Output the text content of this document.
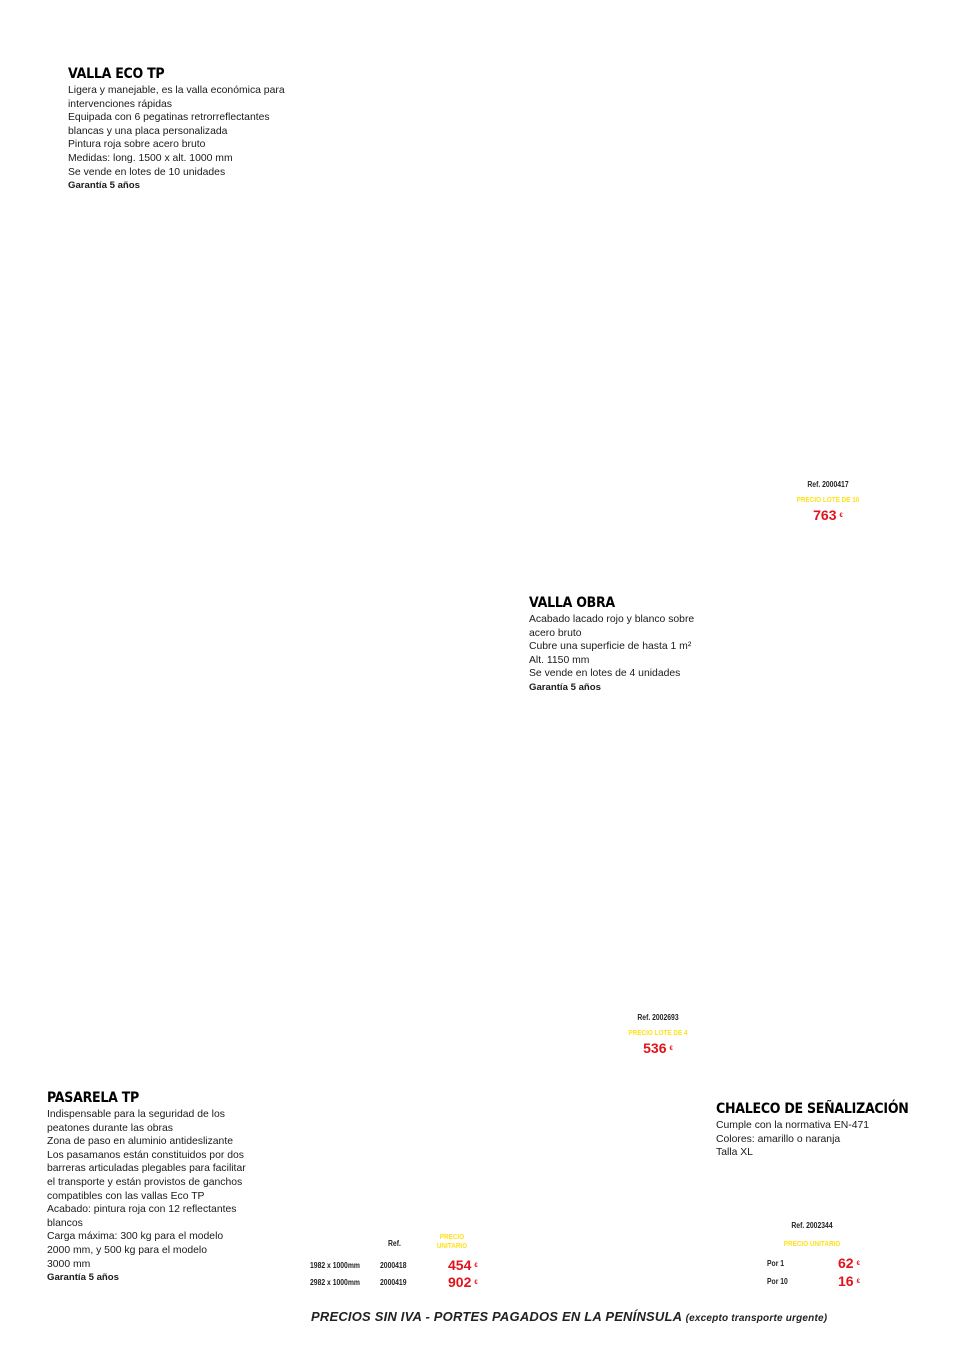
VALLA ECO TP
Ligera y manejable, es la valla económica para
intervenciones rápidas
Equipada con 6 pegatinas retrorreflectantes
blancas y una placa personalizada
Pintura roja sobre acero bruto
Medidas: long. 1500 x alt. 1000 mm
Se vende en lotes de 10 unidades
Garantía 5 años
Ref. 2000417
PRECIO LOTE DE 10
763 €
VALLA OBRA
Acabado lacado rojo y blanco sobre
acero bruto
Cubre una superficie de hasta 1 m²
Alt. 1150 mm
Se vende en lotes de 4 unidades
Garantía 5 años
Ref. 2002693
PRECIO LOTE DE 4
536 €
PASARELA TP
Indispensable para la seguridad de los
peatones durante las obras
Zona de paso en aluminio antideslizante
Los pasamanos están constituidos por dos
barreras articuladas plegables para facilitar
el transporte y están provistos de ganchos
compatibles con las vallas Eco TP
Acabado: pintura roja con 12 reflectantes
blancos
Carga máxima: 300 kg para el modelo
2000 mm, y 500 kg para el modelo
3000 mm
Garantía 5 años
Ref.
PRECIO
UNITARIO
1982 x 1000mm	2000418	454 €
2982 x 1000mm	2000419	902 €
CHALECO DE SEÑALIZACIÓN
Cumple con la normativa EN-471
Colores: amarillo o naranja
Talla XL
Ref. 2002344
PRECIO UNITARIO
Por 1	62 €
Por 10	16 €
PRECIOS SIN IVA - PORTES PAGADOS EN LA PENÍNSULA (excepto transporte urgente)
